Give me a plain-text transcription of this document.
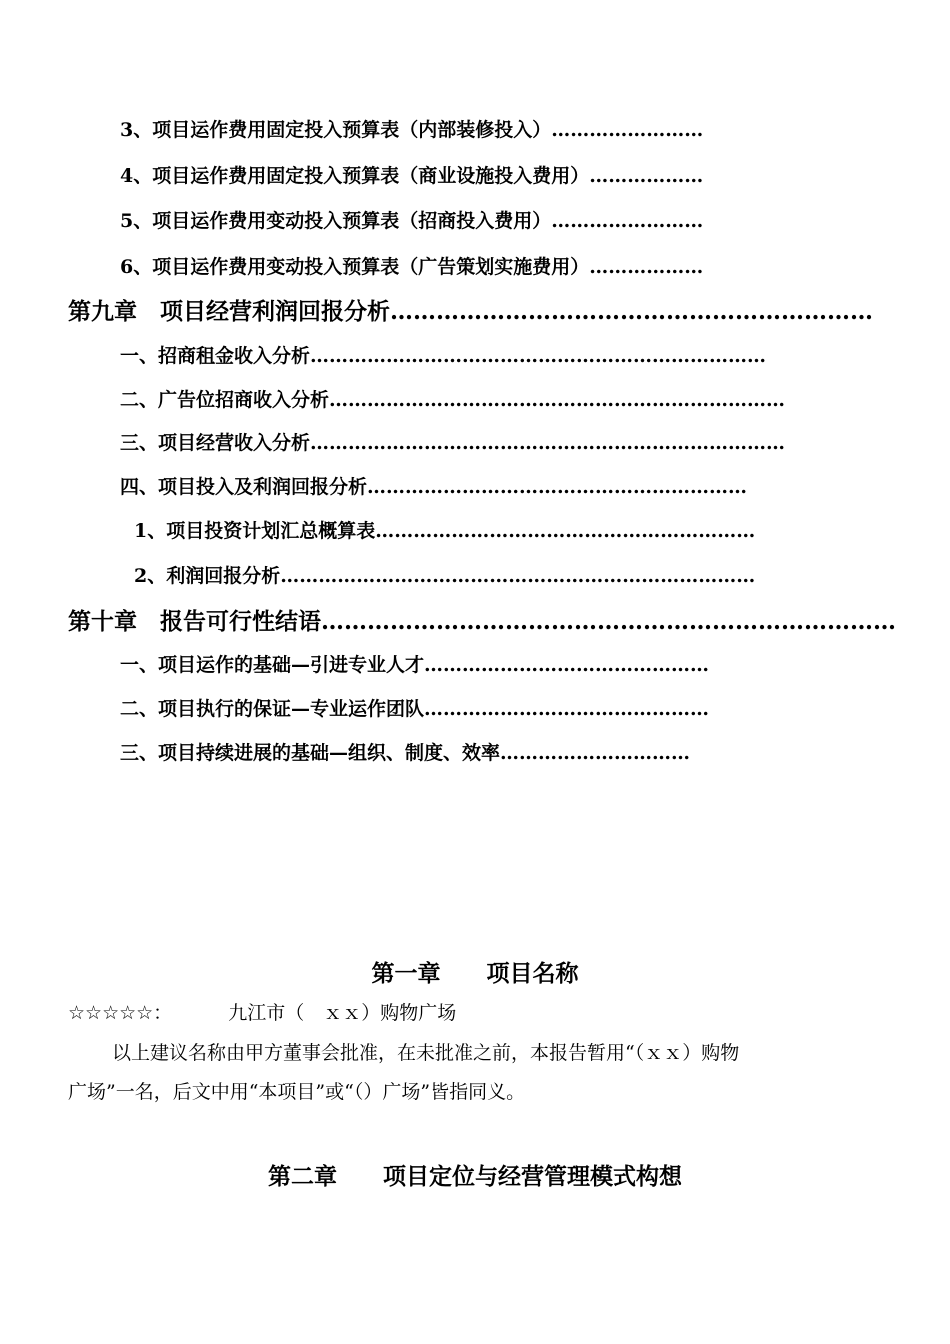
3、项目运作费用固定投入预算表（内部装修投入）……………………
4、项目运作费用固定投入预算表（商业设施投入费用）………………
5、项目运作费用变动投入预算表（招商投入费用）……………………
6、项目运作费用变动投入预算表（广告策划实施费用）………………
第九章　项目经营利润回报分析………………………………………………………
一、招商租金收入分析………………………………………………………………
二、广告位招商收入分析………………………………………………………………
三、项目经营收入分析…………………………………………………………………
四、项目投入及利润回报分析……………………………………………………
1、项目投资计划汇总概算表……………………………………………………
2、利润回报分析…………………………………………………………………
第十章　报告可行性结语…………………………………………………………………
一、项目运作的基础—引进专业人才………………………………………
二、项目执行的保证—专业运作团队………………………………………
三、项目持续进展的基础—组织、制度、效率…………………………
第一章　　项目名称
☆☆☆☆☆：	九江市（　ｘｘ）购物广场
以上建议名称由甲方董事会批准，在未批准之前，本报告暂用“（ｘｘ）购物
广场”一名，后文中用“本项目”或“（）广场”皆指同义。
第二章　　项目定位与经营管理模式构想
